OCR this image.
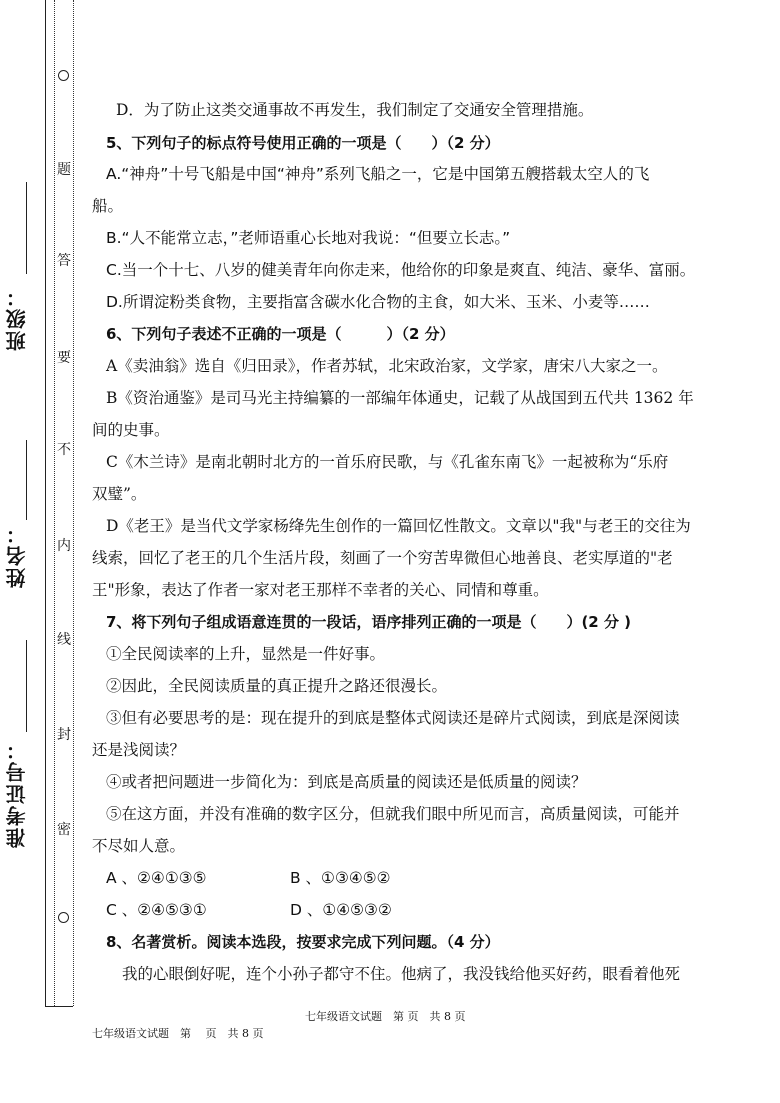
题
答
要
不
内
线
封
密
班级：
姓名：
准考证号：
D．为了防止这类交通事故不再发生，我们制定了交通安全管理措施。
5、下列句子的标点符号使用正确的一项是（　　）（2 分）
A.“神舟”十号飞船是中国“神舟”系列飞船之一，它是中国第五艘搭载太空人的飞
船。
B.“人不能常立志，”老师语重心长地对我说：“但要立长志。”
C.当一个十七、八岁的健美青年向你走来，他给你的印象是爽直、纯洁、豪华、富丽。
D.所谓淀粉类食物，主要指富含碳水化合物的主食，如大米、玉米、小麦等……
6、下列句子表述不正确的一项是（　　　）（2 分）
A《卖油翁》选自《归田录》，作者苏轼，北宋政治家，文学家，唐宋八大家之一。
B《资治通鉴》是司马光主持编纂的一部编年体通史，记载了从战国到五代共 1362 年
间的史事。
C《木兰诗》是南北朝时北方的一首乐府民歌，与《孔雀东南飞》一起被称为“乐府
双璧”。
D《老王》是当代文学家杨绛先生创作的一篇回忆性散文。文章以"我"与老王的交往为
线索，回忆了老王的几个生活片段，刻画了一个穷苦卑微但心地善良、老实厚道的"老
王"形象，表达了作者一家对老王那样不幸者的关心、同情和尊重。
7、将下列句子组成语意连贯的一段话，语序排列正确的一项是（　　）(2 分 )
①全民阅读率的上升，显然是一件好事。
②因此，全民阅读质量的真正提升之路还很漫长。
③但有必要思考的是：现在提升的到底是整体式阅读还是碎片式阅读，到底是深阅读
还是浅阅读？
④或者把问题进一步简化为：到底是高质量的阅读还是低质量的阅读？
⑤在这方面，并没有准确的数字区分，但就我们眼中所见而言，高质量阅读，可能并
不尽如人意。
A 、②④①③⑤	B 、①③④⑤②
C 、②④⑤③①	D 、①④⑤③②
8、名著赏析。阅读本选段，按要求完成下列问题。（4 分）
我的心眼倒好呢，连个小孙子都守不住。他病了，我没钱给他买好药，眼看着他死
七年级语文试题　第 页　共 8 页
七年级语文试题　第　 页　共 8 页
